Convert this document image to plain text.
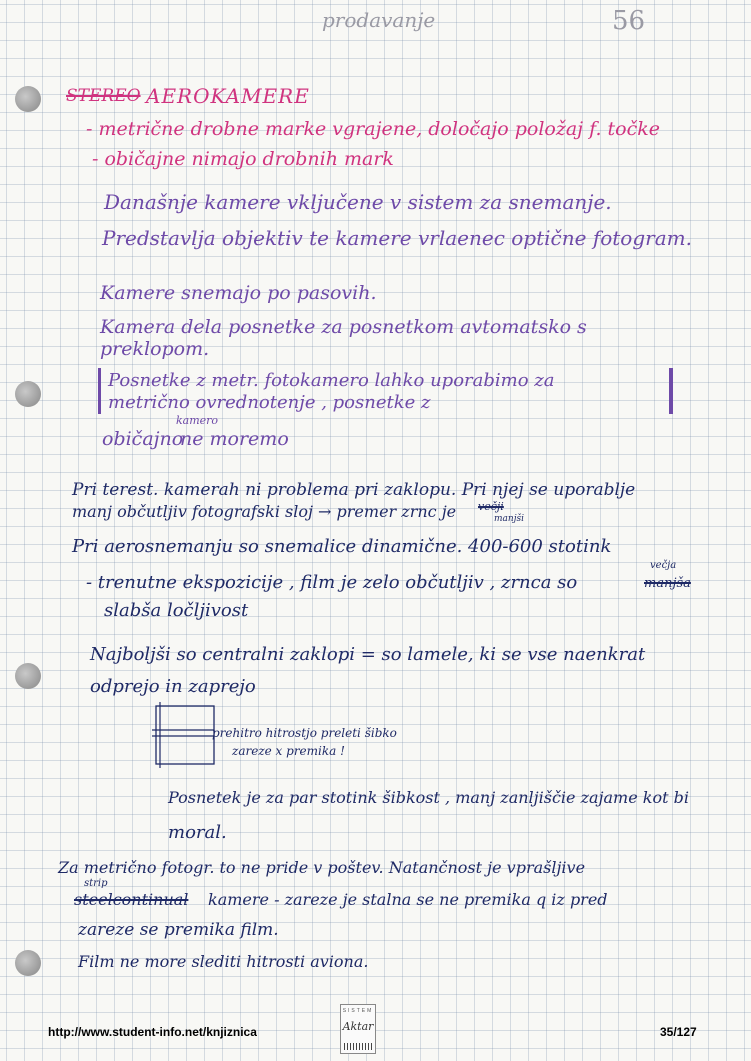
prodavanje	56
STEREO AEROKAMERE
- metrične drobne marke vgrajene, določajo položaj f. točke
- običajne nimajo drobnih mark
Današnje kamere vključene v sistem za snemanje.
Predstavlja objektiv te kamere vrlaenec optične fotogram.
Kamere snemajo po pasovih.
Kamera dela posnetke za posnetkom avtomatsko s
preklopom.
Posnetke z metr. fotokamero lahko uporabimo za
metrično ovrednotenje , posnetke z
običajno
kamero
ne moremo
Pri terest. kamerah ni problema pri zaklopu. Pri njej se uporablje
manj občutljiv fotografski sloj → premer zrnc je večji
manjši
Pri aerosnemanju so snemalice dinamične. 400-600 stotink
- trenutne ekspozicije , film je zelo občutljiv , zrnca so	manjša
večja
slabša ločljivost
Najboljši so centralni zaklopi = so lamele, ki se vse naenkrat
odprejo in zaprejo
prehitro hitrostjo preleti šibko
zareze x premika !
Posnetek je za par stotink šibkost , manj zanljiščie zajame kot bi
moral.
Za metrično fotogr. to ne pride v poštev. Natančnost je vprašljive
strip
steelcontinual kamere - zareze je stalna se ne premika q iz pred
zareze se premika film.
Film ne more slediti hitrosti aviona.
http://www.student-info.net/knjiznica
SISTEM
Aktar	35/127
